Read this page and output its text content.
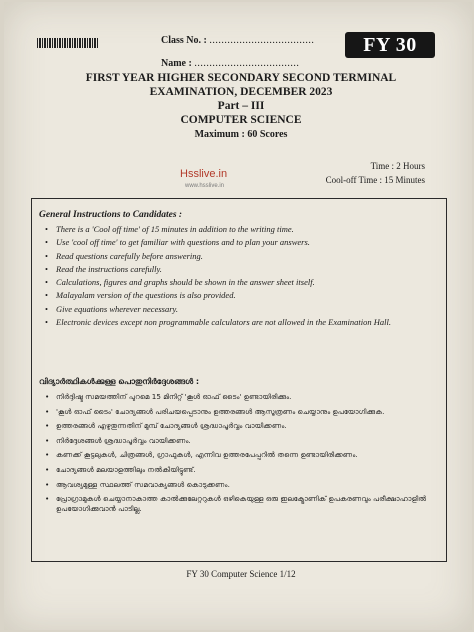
Class No. : ...................................
Name : ...................................
FY 30
FIRST YEAR HIGHER SECONDARY SECOND TERMINAL
EXAMINATION, DECEMBER 2023
Part – III
COMPUTER SCIENCE
Maximum : 60 Scores
Hsslive.in
www.hsslive.in
Time : 2 Hours
Cool-off Time : 15 Minutes
General Instructions to Candidates :
• There is a 'Cool off time' of 15 minutes in addition to the writing time.
• Use 'cool off time' to get familiar with questions and to plan your answers.
• Read questions carefully before answering.
• Read the instructions carefully.
• Calculations, figures and graphs should be shown in the answer sheet itself.
• Malayalam version of the questions is also provided.
• Give equations wherever necessary.
• Electronic devices except non programmable calculators are not allowed in the Examination Hall.
വിദ്യാർത്ഥികൾക്കുള്ള പൊതുനിർദ്ദേശങ്ങൾ :
• നിർദ്ദിഷ്ട സമയത്തിന് പുറമെ 15 മിനിറ്റ് 'കൂൾ ഓഫ് ടൈം' ഉണ്ടായിരിക്കും.
• 'കൂൾ ഓഫ് ടൈം' ചോദ്യങ്ങൾ പരിചയപ്പെടാനും ഉത്തരങ്ങൾ ആസൂത്രണം ചെയ്യാനും ഉപയോഗിക്കുക.
• ഉത്തരങ്ങൾ എഴുതുന്നതിന് മുമ്പ് ചോദ്യങ്ങൾ ശ്രദ്ധാപൂർവ്വം വായിക്കണം.
• നിർദ്ദേശങ്ങൾ ശ്രദ്ധാപൂർവ്വം വായിക്കണം.
• കണക്ക് കൂട്ടലുകൾ, ചിത്രങ്ങൾ, ഗ്രാഫുകൾ, എന്നിവ ഉത്തരപേപ്പറിൽ തന്നെ ഉണ്ടായിരിക്കണം.
• ചോദ്യങ്ങൾ മലയാളത്തിലും നൽകിയിട്ടുണ്ട്.
• ആവശ്യമുള്ള സ്ഥലത്ത് സമവാക്യങ്ങൾ കൊടുക്കണം.
• പ്രോഗ്രാമുകൾ ചെയ്യാനാകാത്ത കാൽക്കുലേറ്ററുകൾ ഒഴികെയുള്ള ഒരു ഇലക്ട്രോണിക് ഉപകരണവും പരീക്ഷാഹാളിൽ ഉപയോഗിക്കുവാൻ പാടില്ല.
FY 30 Computer Science 1/12
